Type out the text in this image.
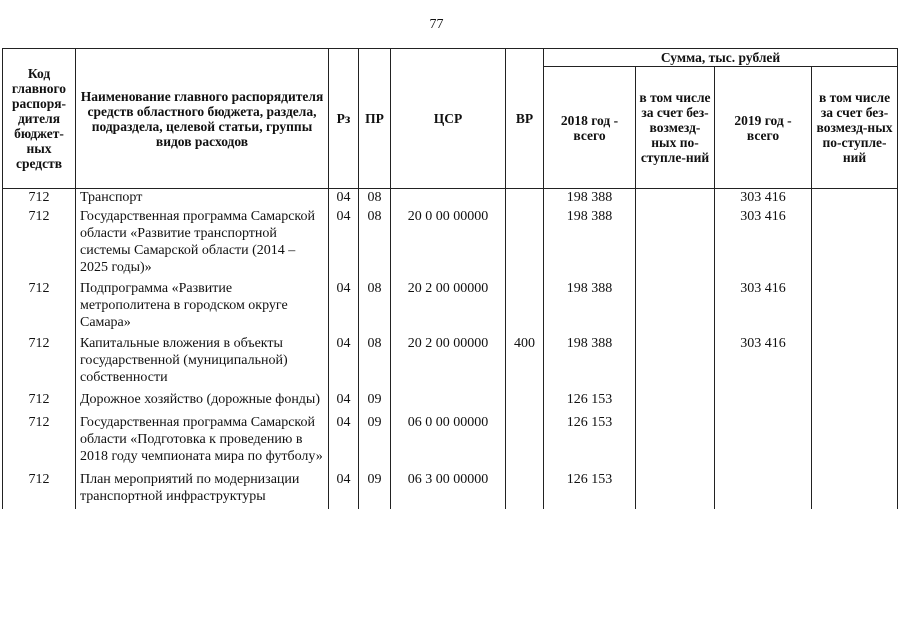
77
Код главного распоря-дителя бюджет-ных средств	Наименование главного распорядителя средств областного бюджета, раздела, подраздела, целевой статьи, группы видов расходов	Рз	ПР	ЦСР	ВР	Сумма, тыс. рублей			
						2018 год - всего	в том числе за счет без-возмезд-ных по-ступле-ний	2019 год - всего	в том числе за счет без-возмезд-ных по-ступле-ний
712	Транспорт	04	08			198 388		303 416	
712	Государственная программа Самарской области «Развитие транспортной системы Самарской области (2014 – 2025 годы)»	04	08	20 0 00 00000		198 388		303 416	
712	Подпрограмма «Развитие метрополитена в городском округе Самара»	04	08	20 2 00 00000		198 388		303 416	
712	Капитальные вложения в объекты государственной (муниципальной) собственности	04	08	20 2 00 00000	400	198 388		303 416	
712	Дорожное хозяйство (дорожные фонды)	04	09			126 153			
712	Государственная программа Самарской области «Подготовка к проведению в 2018 году чемпионата мира по футболу»	04	09	06 0 00 00000		126 153			
712	План мероприятий по модернизации транспортной инфраструктуры	04	09	06 3 00 00000		126 153			
